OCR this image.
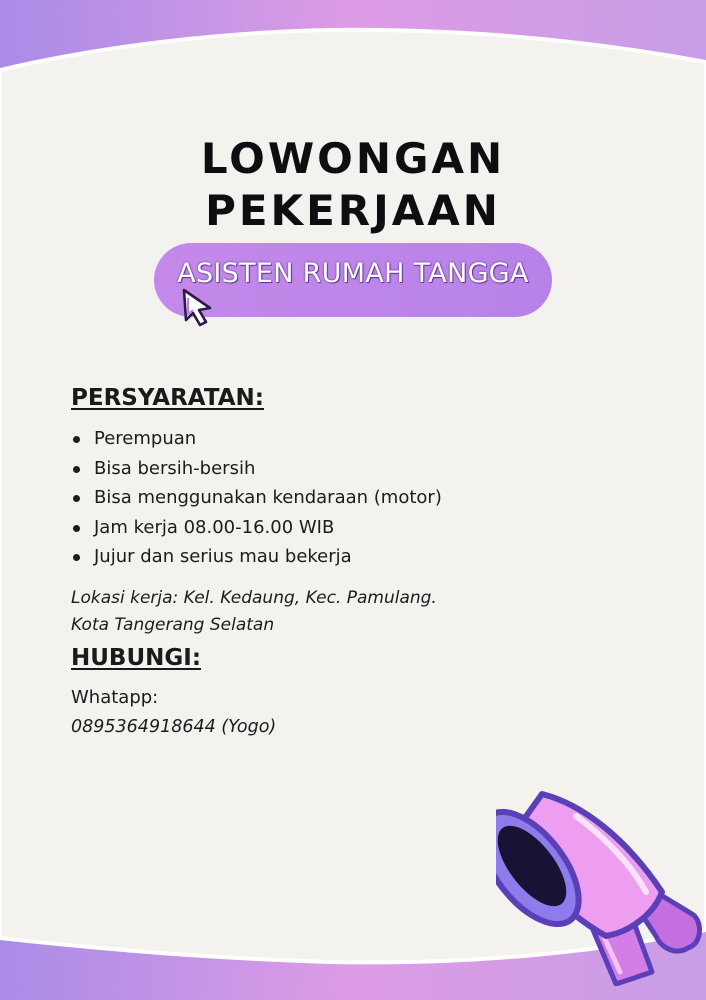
LOWONGAN
PEKERJAAN
ASISTEN RUMAH TANGGA
PERSYARATAN:
Perempuan
Bisa bersih-bersih
Bisa menggunakan kendaraan (motor)
Jam kerja 08.00-16.00 WIB
Jujur dan serius mau bekerja
Lokasi kerja: Kel. Kedaung, Kec. Pamulang.
Kota Tangerang Selatan
HUBUNGI:
Whatapp:
0895364918644 (Yogo)
